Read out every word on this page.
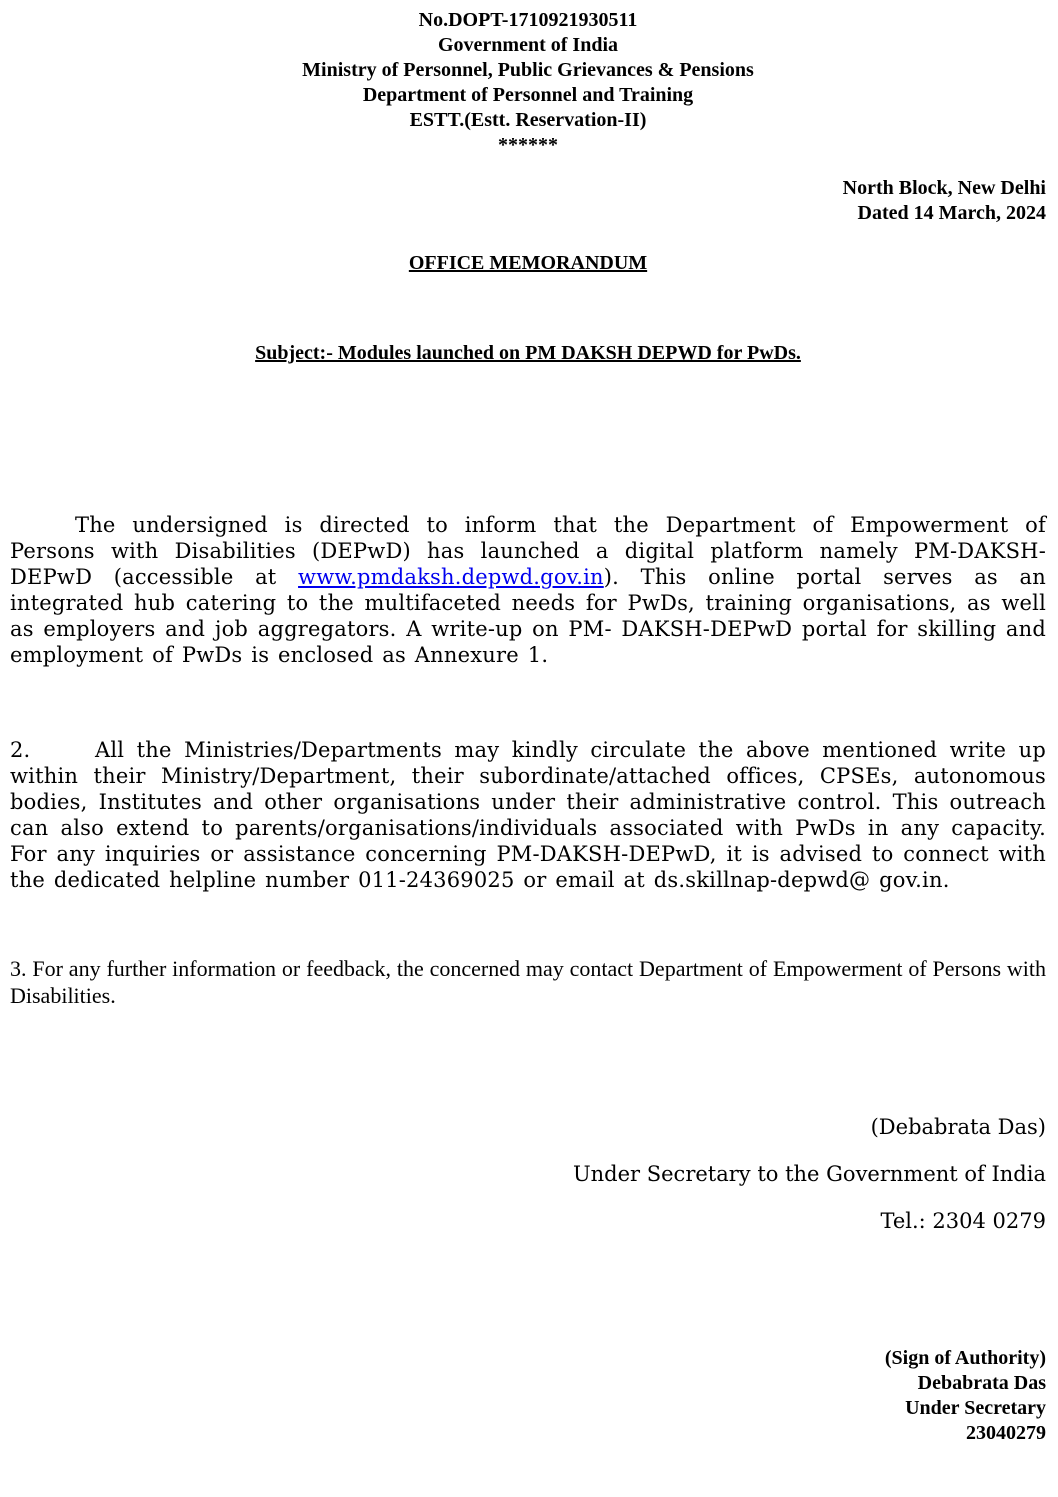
No.DOPT-1710921930511
Government of India
Ministry of Personnel, Public Grievances & Pensions
Department of Personnel and Training
ESTT.(Estt. Reservation-II)
******
North Block, New Delhi
Dated 14 March, 2024
OFFICE MEMORANDUM
Subject:- Modules launched on PM DAKSH DEPWD for PwDs.

The undersigned is directed to inform that the Department of Empowerment of Persons with Disabilities (DEPwD) has launched a digital platform namely PM-DAKSH-DEPwD (accessible at www.pmdaksh.depwd.gov.in). This online portal serves as an integrated hub catering to the multifaceted needs for PwDs, training organisations, as well as employers and job aggregators. A write-up on PM- DAKSH-DEPwD portal for skilling and employment of PwDs is enclosed as Annexure 1.

2.	All the Ministries/Departments may kindly circulate the above mentioned write up within their Ministry/Department, their subordinate/attached offices, CPSEs, autonomous bodies, Institutes and other organisations under their administrative control. This outreach can also extend to parents/organisations/individuals associated with PwDs in any capacity. For any inquiries or assistance concerning PM-DAKSH-DEPwD, it is advised to connect with the dedicated helpline number 011-24369025 or email at ds.skillnap-depwd@ gov.in.

3. For any further information or feedback, the concerned may contact Department of Empowerment of Persons with Disabilities.

(Debabrata Das)
Under Secretary to the Government of India
Tel.: 2304 0279
(Sign of Authority)
Debabrata Das
Under Secretary
23040279
